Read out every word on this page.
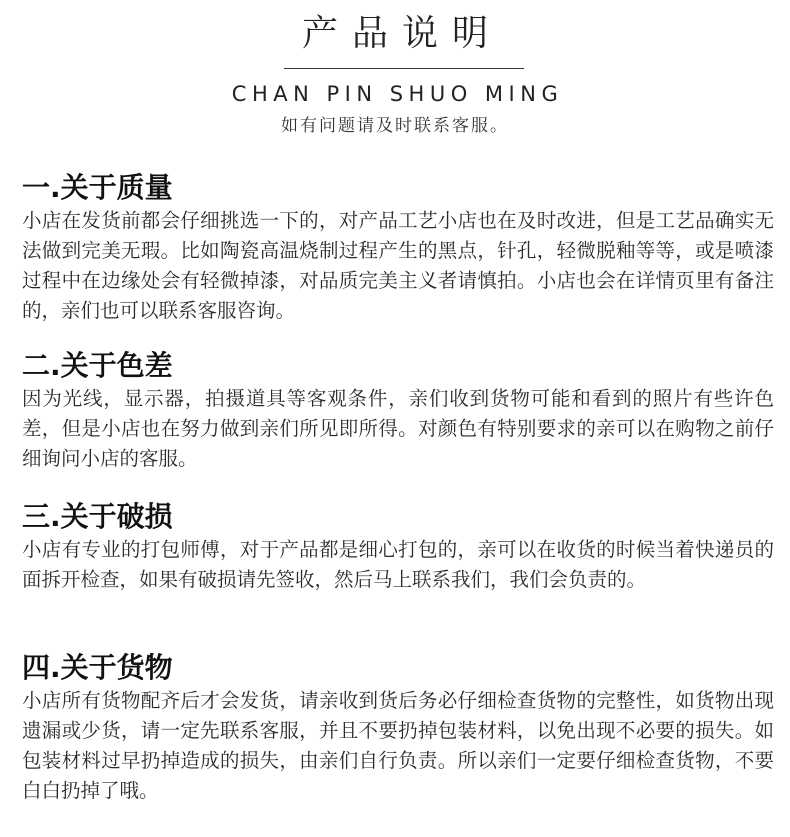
产品说明
CHAN PIN SHUO MING
如有问题请及时联系客服。
一.关于质量

小店在发货前都会仔细挑选一下的，对产品工艺小店也在及时改进，但是工艺品确实无法做到完美无瑕。比如陶瓷高温烧制过程产生的黑点，针孔，轻微脱釉等等，或是喷漆过程中在边缘处会有轻微掉漆，对品质完美主义者请慎拍。小店也会在详情页里有备注的，亲们也可以联系客服咨询。

二.关于色差

因为光线，显示器，拍摄道具等客观条件，亲们收到货物可能和看到的照片有些许色差，但是小店也在努力做到亲们所见即所得。对颜色有特别要求的亲可以在购物之前仔细询问小店的客服。

三.关于破损

小店有专业的打包师傅，对于产品都是细心打包的，亲可以在收货的时候当着快递员的面拆开检查，如果有破损请先签收，然后马上联系我们，我们会负责的。

四.关于货物

小店所有货物配齐后才会发货，请亲收到货后务必仔细检查货物的完整性，如货物出现遗漏或少货，请一定先联系客服，并且不要扔掉包装材料，以免出现不必要的损失。如包装材料过早扔掉造成的损失，由亲们自行负责。所以亲们一定要仔细检查货物，不要白白扔掉了哦。
